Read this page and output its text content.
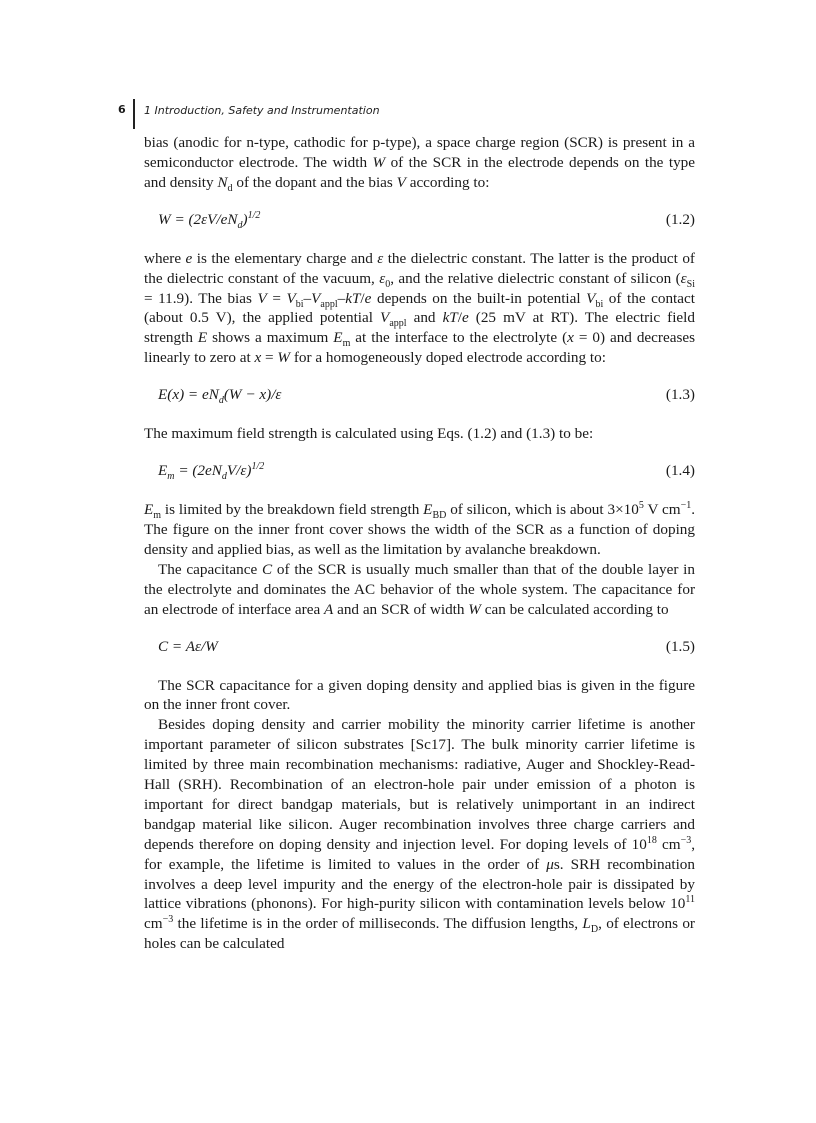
6 1 Introduction, Safety and Instrumentation

bias (anodic for n-type, cathodic for p-type), a space charge region (SCR) is present in a semiconductor electrode. The width W of the SCR in the electrode depends on the type and density $N_d$ of the dopant and the bias V according to:

$W = (2\varepsilon V/eN_d)^{1/2}$	(1.2)

where e is the elementary charge and ε the dielectric constant. The latter is the product of the dielectric constant of the vacuum, $\varepsilon_0$, and the relative dielectric constant of silicon $(\varepsilon_{Si} = 11.9)$. The bias $V = V_{bi}-V_{appl}-kT/e$ depends on the built-in potential $V_{bi}$ of the contact (about 0.5 V), the applied potential $V_{appl}$ and kT/e (25 mV at RT). The electric field strength E shows a maximum $E_m$ at the interface to the electrolyte (x = 0) and decreases linearly to zero at x = W for a homogeneously doped electrode according to:

$E(x) = eN_d(W - x)/\varepsilon$	(1.3)

The maximum field strength is calculated using Eqs. (1.2) and (1.3) to be:

$E_m = (2eN_dV/\varepsilon)^{1/2}$	(1.4)

$E_m$ is limited by the breakdown field strength $E_{BD}$ of silicon, which is about $3\times 10^5$ V $cm^{-1}$. The figure on the inner front cover shows the width of the SCR as a function of doping density and applied bias, as well as the limitation by avalanche breakdown.

The capacitance C of the SCR is usually much smaller than that of the double layer in the electrolyte and dominates the AC behavior of the whole system. The capacitance for an electrode of interface area A and an SCR of width W can be calculated according to

C = Aε/W	(1.5)

The SCR capacitance for a given doping density and applied bias is given in the figure on the inner front cover.

Besides doping density and carrier mobility the minority carrier lifetime is another important parameter of silicon substrates [Sc17]. The bulk minority carrier lifetime is limited by three main recombination mechanisms: radiative, Auger and Shockley-Read-Hall (SRH). Recombination of an electron-hole pair under emission of a photon is important for direct bandgap materials, but is relatively unimportant in an indirect bandgap material like silicon. Auger recombination involves three charge carriers and depends therefore on doping density and injection level. For doping levels of $10^{18}$ $cm^{-3}$, for example, the lifetime is limited to values in the order of μs. SRH recombination involves a deep level impurity and the energy of the electron-hole pair is dissipated by lattice vibrations (phonons). For high-purity silicon with contamination levels below $10^{11}$ $cm^{-3}$ the lifetime is in the order of milliseconds. The diffusion lengths, $L_D$, of electrons or holes can be calculated
